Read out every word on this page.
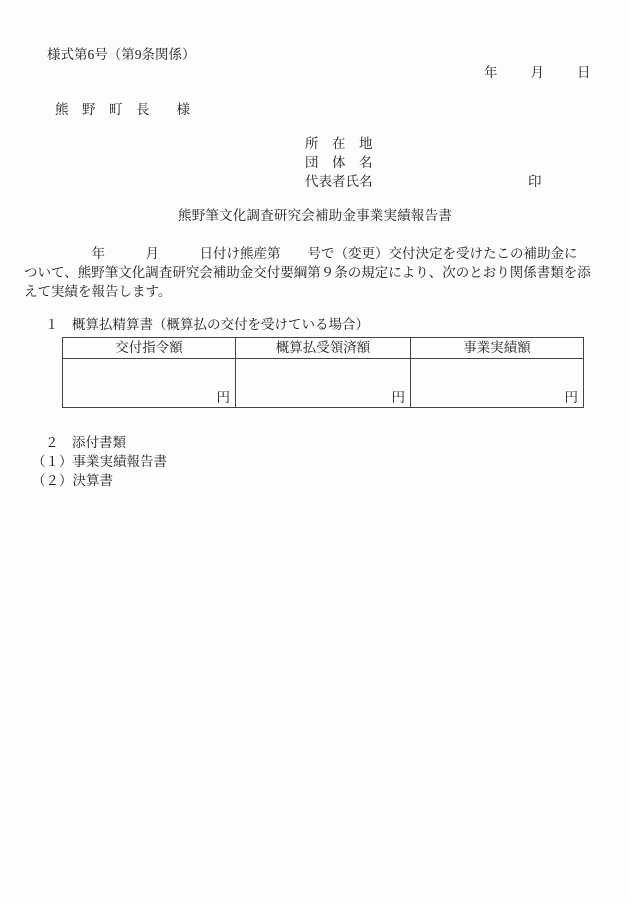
様式第6号（第9条関係）
年　　月　　日
熊　野　町　長　　様
所　在　地
団　体　名
代表者氏名	印
熊野筆文化調査研究会補助金事業実績報告書
　　　　　年　　　月　　　日付け熊産第　　号で（変更）交付決定を受けたこの補助金に
ついて、熊野筆文化調査研究会補助金交付要綱第９条の規定により、次のとおり関係書類を添
えて実績を報告します。
１　概算払精算書（概算払の交付を受けている場合）
交付指令額	概算払受領済額	事業実績額
円	円	円
２　添付書類
（１）事業実績報告書
（２）決算書
